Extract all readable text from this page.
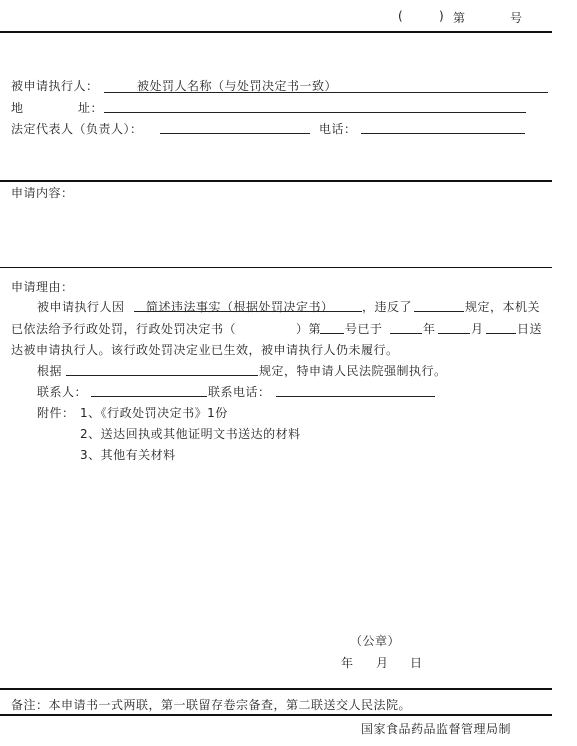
(	) 第	号
被申请执行人：	被处罚人名称（与处罚决定书一致）
地	址：
法定代表人（负责人）：	电话：
申请内容：
申请理由：
被申请执行人因 简述违法事实（根据处罚决定书） ，违反了	规定，本机关
已依法给予行政处罚，行政处罚决定书（	）第 号已于	年	月	日送
达被申请执行人。该行政处罚决定业已生效，被申请执行人仍未履行。
根据	规定，特申请人民法院强制执行。
联系人：	联系电话：
附件： 1、《行政处罚决定书》1份
2、送达回执或其他证明文书送达的材料
3、其他有关材料
（公章）
年 月 日
备注：本申请书一式两联，第一联留存卷宗备查，第二联送交人民法院。
国家食品药品监督管理局制
